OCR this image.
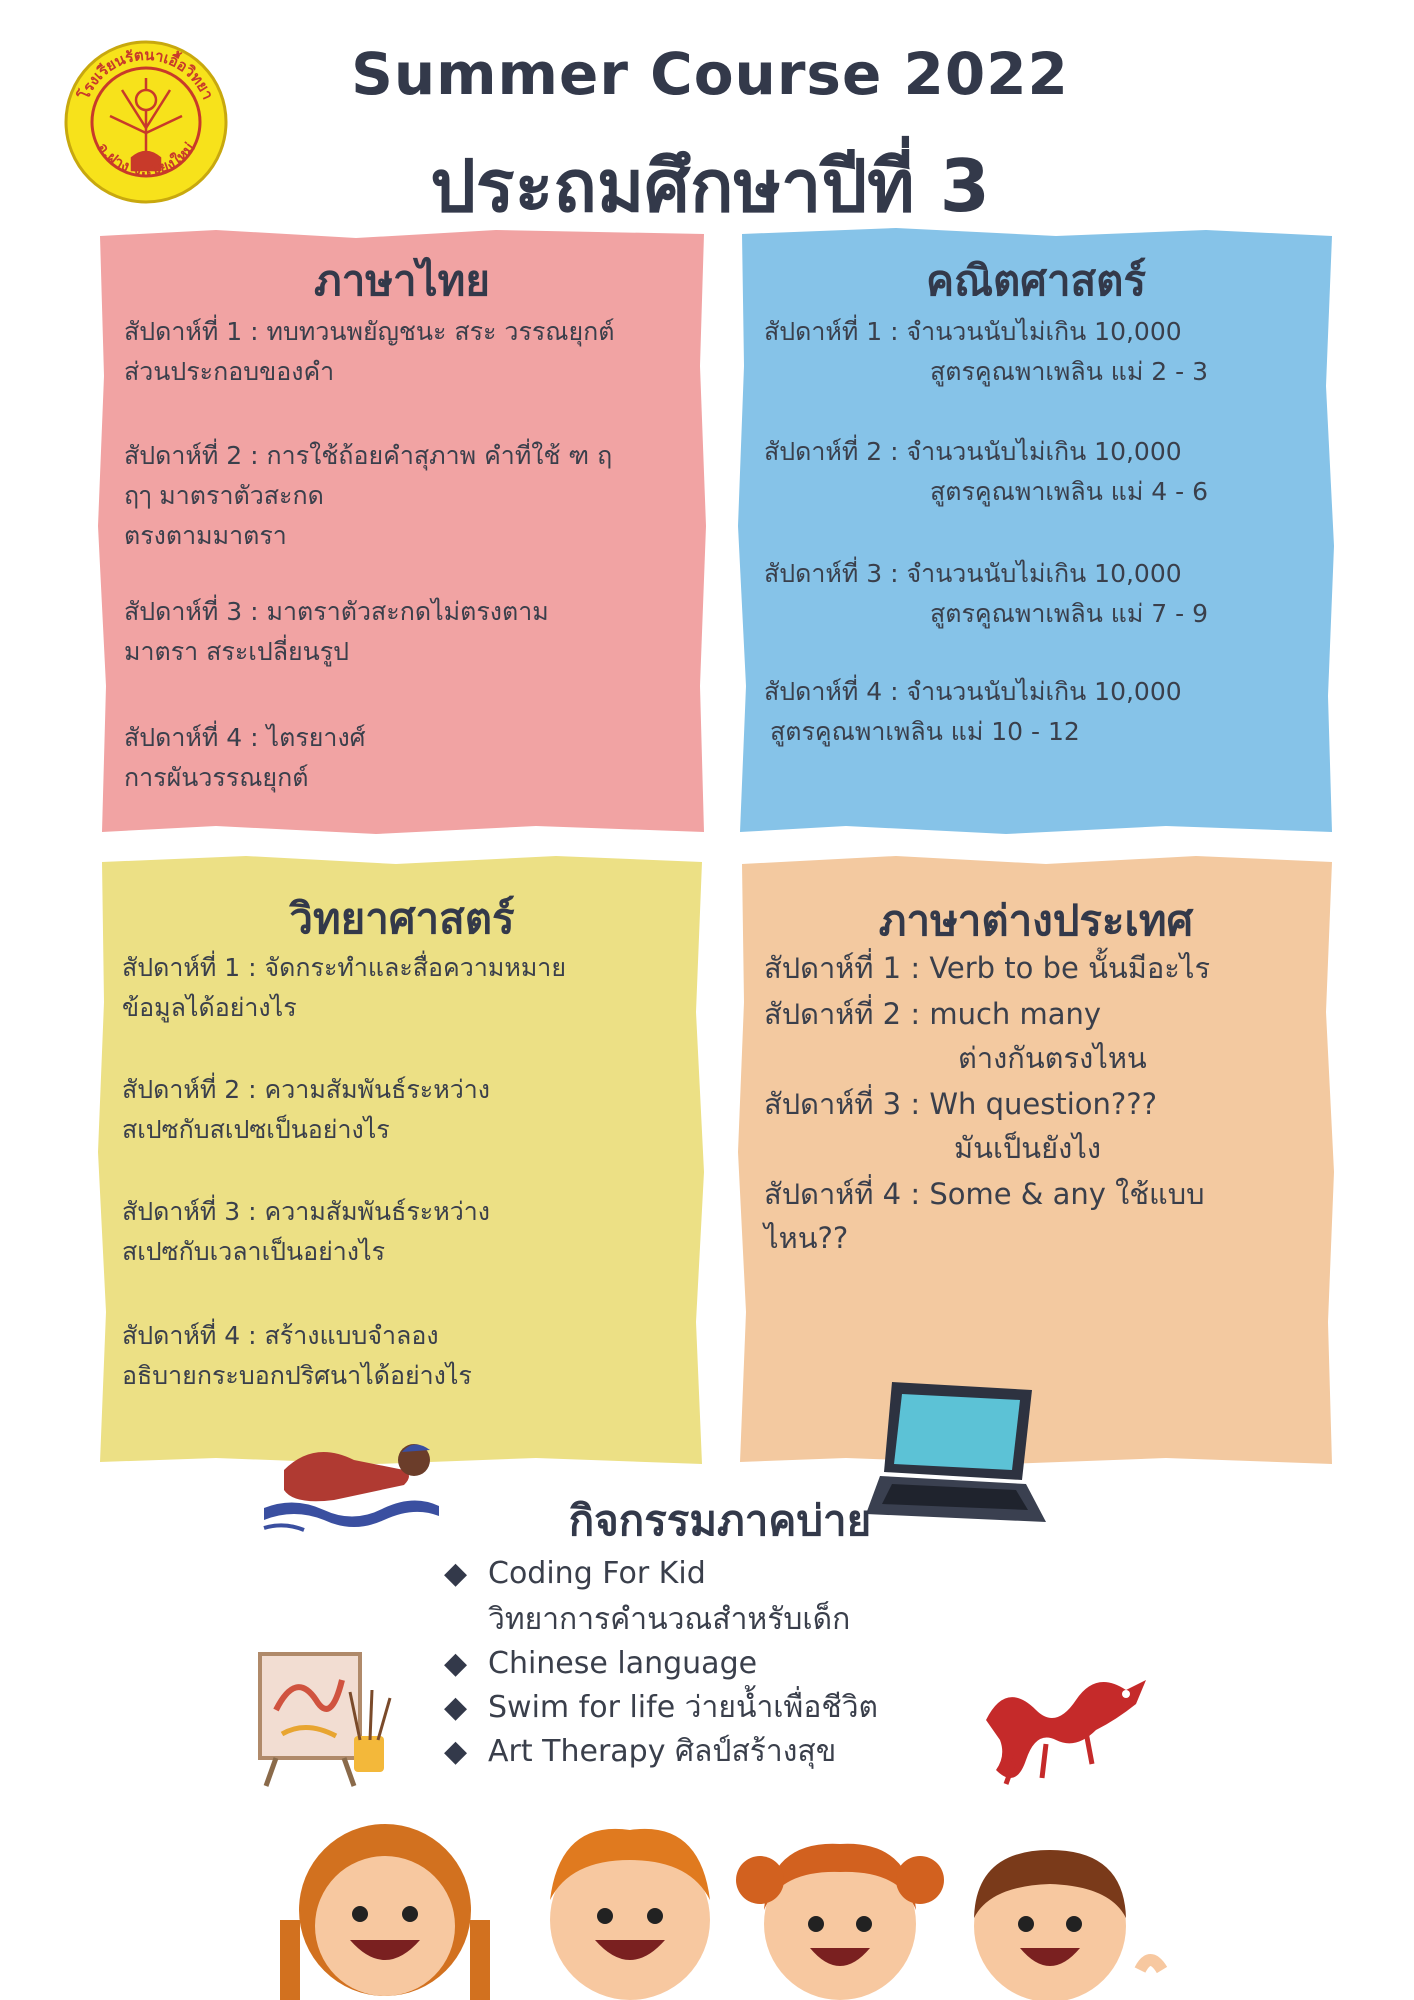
โรงเรียนรัตนาเอื้อวิทยา
อ.ฝาง จ.เชียงใหม่
Summer Course 2022
ประถมศึกษาปีที่ 3
ภาษาไทย
สัปดาห์ที่ 1 : ทบทวนพยัญชนะ สระ วรรณยุกต์
ส่วนประกอบของคำ
สัปดาห์ที่ 2 : การใช้ถ้อยคำสุภาพ คำที่ใช้ ฑ ฤ
ฤๅ มาตราตัวสะกด
ตรงตามมาตรา
สัปดาห์ที่ 3 : มาตราตัวสะกดไม่ตรงตาม
มาตรา สระเปลี่ยนรูป
สัปดาห์ที่ 4 : ไตรยางศ์
การผันวรรณยุกต์
คณิตศาสตร์
สัปดาห์ที่ 1 : จำนวนนับไม่เกิน 10,000
สูตรคูณพาเพลิน แม่ 2 - 3
สัปดาห์ที่ 2 : จำนวนนับไม่เกิน 10,000
สูตรคูณพาเพลิน แม่ 4 - 6
สัปดาห์ที่ 3 : จำนวนนับไม่เกิน 10,000
สูตรคูณพาเพลิน แม่ 7 - 9
สัปดาห์ที่ 4 : จำนวนนับไม่เกิน 10,000
สูตรคูณพาเพลิน แม่ 10 - 12
วิทยาศาสตร์
สัปดาห์ที่ 1 : จัดกระทำและสื่อความหมาย
ข้อมูลได้อย่างไร
สัปดาห์ที่ 2 : ความสัมพันธ์ระหว่าง
สเปซกับสเปซเป็นอย่างไร
สัปดาห์ที่ 3 : ความสัมพันธ์ระหว่าง
สเปซกับเวลาเป็นอย่างไร
สัปดาห์ที่ 4 : สร้างแบบจำลอง
อธิบายกระบอกปริศนาได้อย่างไร
ภาษาต่างประเทศ
สัปดาห์ที่ 1 : Verb to be นั้นมีอะไร
สัปดาห์ที่ 2 : much many
ต่างกันตรงไหน
สัปดาห์ที่ 3 : Wh question???
มันเป็นยังไง
สัปดาห์ที่ 4 : Some & any ใช้แบบ
ไหน??
กิจกรรมภาคบ่าย
◆ Coding For Kid
วิทยาการคำนวณสำหรับเด็ก
◆ Chinese language
◆ Swim for life ว่ายน้ำเพื่อชีวิต
◆ Art Therapy ศิลป์สร้างสุข
